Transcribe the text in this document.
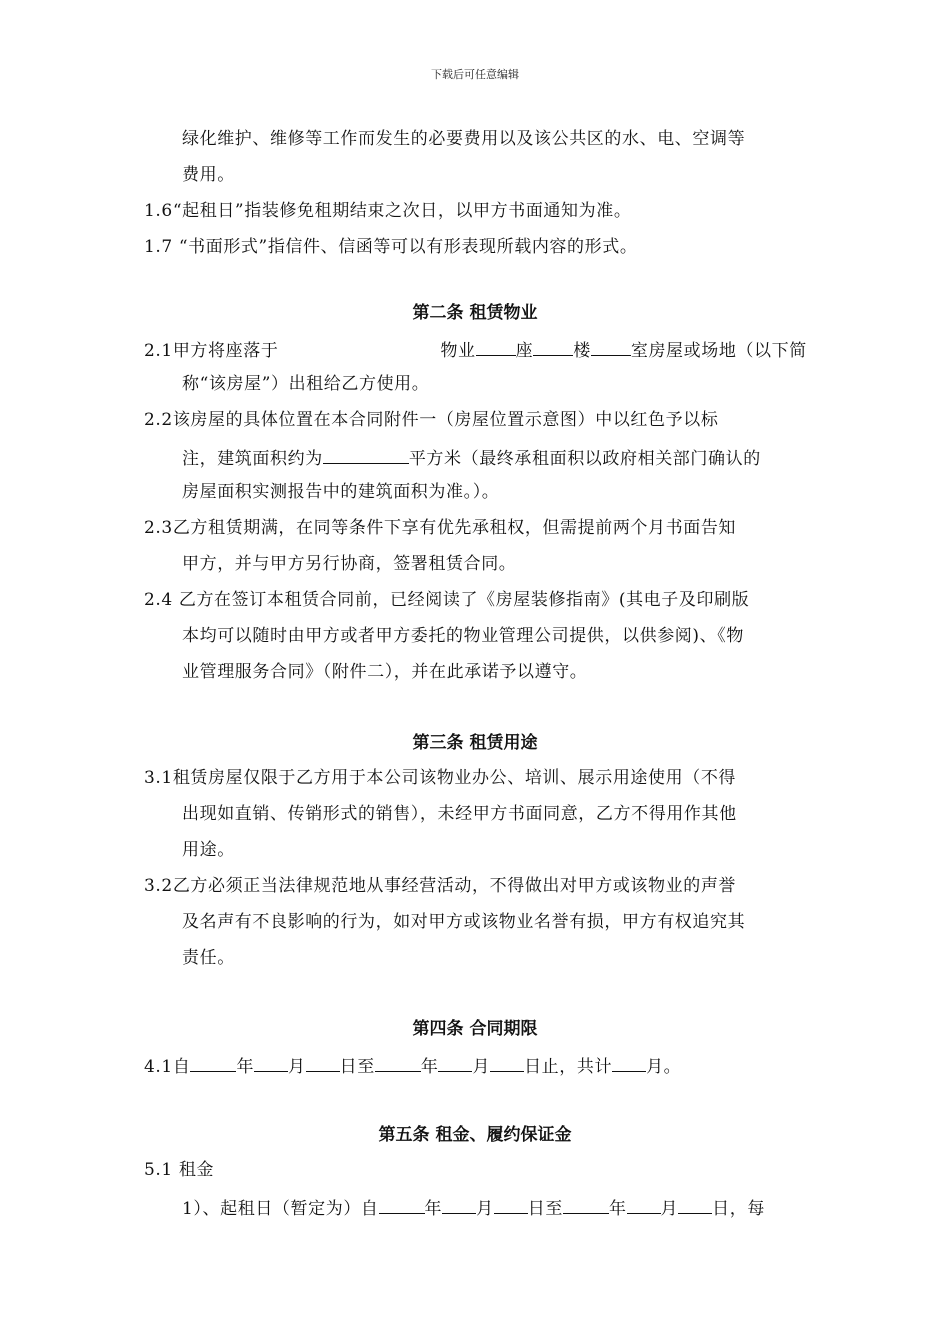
下载后可任意编辑
绿化维护、维修等工作而发生的必要费用以及该公共区的水、电、空调等
费用。
1.6“起租日”指装修免租期结束之次日，以甲方书面通知为准。
1.7 “书面形式”指信件、信函等可以有形表现所载内容的形式。
第二条 租赁物业
2.1甲方将座落于	物业 座 楼 室房屋或场地（以下简
称“该房屋”）出租给乙方使用。
2.2该房屋的具体位置在本合同附件一（房屋位置示意图）中以红色予以标
注，建筑面积约为	平方米（最终承租面积以政府相关部门确认的
房屋面积实测报告中的建筑面积为准。）。
2.3乙方租赁期满，在同等条件下享有优先承租权，但需提前两个月书面告知
甲方，并与甲方另行协商，签署租赁合同。
2.4 乙方在签订本租赁合同前，已经阅读了《房屋装修指南》(其电子及印刷版
本均可以随时由甲方或者甲方委托的物业管理公司提供，以供参阅)、《物
业管理服务合同》（附件二），并在此承诺予以遵守。
第三条 租赁用途
3.1租赁房屋仅限于乙方用于本公司该物业办公、培训、展示用途使用（不得
出现如直销、传销形式的销售），未经甲方书面同意，乙方不得用作其他
用途。
3.2乙方必须正当法律规范地从事经营活动，不得做出对甲方或该物业的声誉
及名声有不良影响的行为，如对甲方或该物业名誉有损，甲方有权追究其
责任。
第四条 合同期限
4.1自	年 月 日至	年 月 日止，共计 月。
第五条 租金、履约保证金
5.1 租金
1）、起租日（暂定为）自	年 月 日至	年 月 日，每
